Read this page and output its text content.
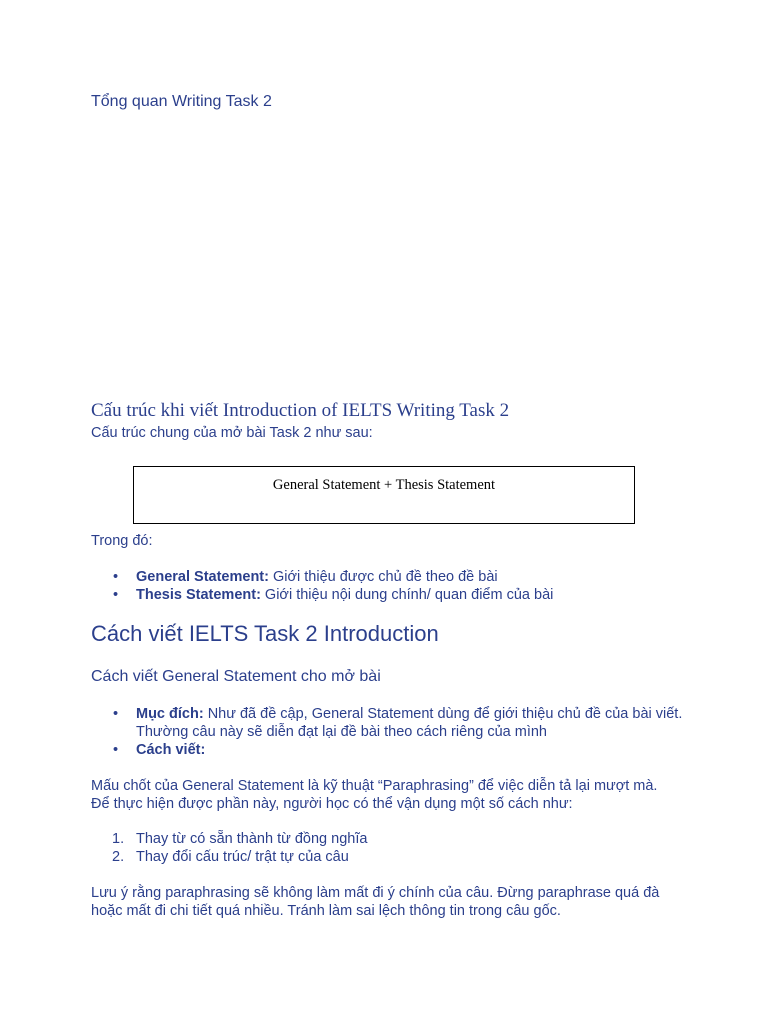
Tổng quan Writing Task 2

Cấu trúc khi viết Introduction of IELTS Writing Task 2

Cấu trúc chung của mở bài Task 2 như sau:

General Statement + Thesis Statement

Trong đó:

• General Statement: Giới thiệu được chủ đề theo đề bài
• Thesis Statement: Giới thiệu nội dung chính/ quan điểm của bài

Cách viết IELTS Task 2 Introduction

Cách viết General Statement cho mở bài

• Mục đích: Như đã đề cập, General Statement dùng để giới thiệu chủ đề của bài viết. Thường câu này sẽ diễn đạt lại đề bài theo cách riêng của mình
• Cách viết:

Mấu chốt của General Statement là kỹ thuật “Paraphrasing” để việc diễn tả lại mượt mà. Để thực hiện được phần này, người học có thể vận dụng một số cách như:

1. Thay từ có sẵn thành từ đồng nghĩa
2. Thay đổi cấu trúc/ trật tự của câu

Lưu ý rằng paraphrasing sẽ không làm mất đi ý chính của câu. Đừng paraphrase quá đà hoặc mất đi chi tiết quá nhiều. Tránh làm sai lệch thông tin trong câu gốc.
